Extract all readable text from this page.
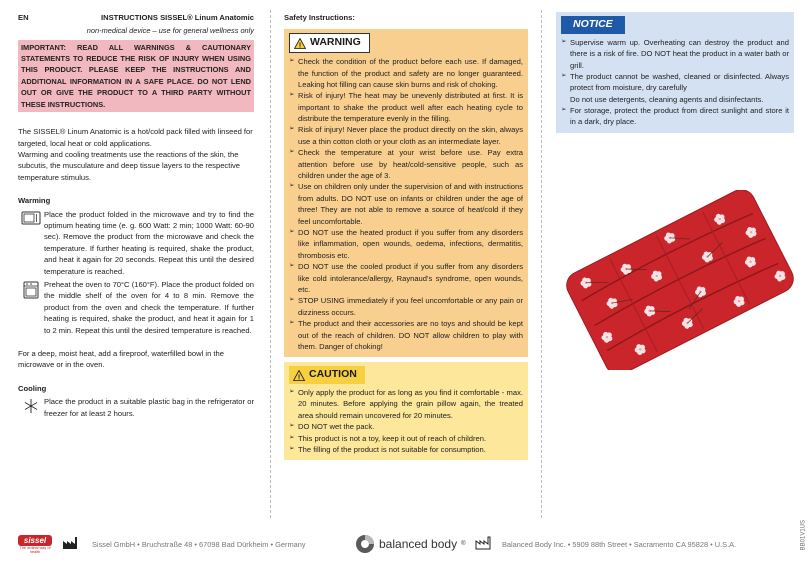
EN	INSTRUCTIONS SISSEL® Linum Anatomic
non-medical device – use for general wellness only
IMPORTANT: READ ALL WARNINGS & CAUTIONARY STATEMENTS TO REDUCE THE RISK OF INJURY WHEN USING THIS PRODUCT. PLEASE KEEP THE INSTRUCTIONS AND ADDITIONAL INFORMATION IN A SAFE PLACE. DO NOT LEND OUT OR GIVE THE PRODUCT TO A THIRD PARTY WITHOUT THESE INSTRUCTIONS.

The SISSEL® Linum Anatomic is a hot/cold pack filled with linseed for targeted, local heat or cold applications.

Warming and cooling treatments use the reactions of the skin, the subcutis, the musculature and deep tissue layers to the respective temperature stimulus.

Warming
Place the product folded in the microwave and try to find the optimum heating time (e. g. 600 Watt: 2 min; 1000 Watt: 60-90 sec). Remove the product from the microwave and check the temperature. If further heating is required, shake the product, and heat it again for 20 seconds. Repeat this until the desired temperature is reached.
Preheat the oven to 70°C (160°F). Place the product folded on the middle shelf of the oven for 4 to 8 min. Remove the product from the oven and check the temperature. If further heating is required, shake the product, and heat it again for 1 to 2 min. Repeat this until the desired temperature is reached.

For a deep, moist heat, add a fireproof, waterfilled bowl in the microwave or in the oven.

Cooling
Place the product in a suitable plastic bag in the refrigerator or freezer for at least 2 hours.
Safety Instructions:
! WARNING
➢ Check the condition of the product before each use. If damaged, the function of the product and safety are no longer guaranteed. Leaking hot filling can cause skin burns and risk of choking.
➢ Risk of injury! The heat may be unevenly distributed at first. It is important to shake the product well after each heating cycle to distribute the temperature evenly in the filling.
➢ Risk of injury! Never place the product directly on the skin, always use a thin cotton cloth or your cloth as an intermediate layer.
➢ Check the temperature at your wrist before use. Pay extra attention before use by heat/cold-sensitive people, such as children under the age of 3.
➢ Use on children only under the supervision of and with instructions from adults. DO NOT use on infants or children under the age of three! They are not able to remove a source of heat/cold if they feel uncomfortable.
➢ DO NOT use the heated product if you suffer from any disorders like inflammation, open wounds, oedema, infections, dermatitis, thrombosis etc.
➢ DO NOT use the cooled product if you suffer from any disorders like cold intolerance/allergy, Raynaud's syndrome, open wounds, etc.
➢ STOP USING immediately if you feel uncomfortable or any pain or dizziness occurs.
➢ The product and their accessories are no toys and should be kept out of the reach of children. DO NOT allow children to play with them. Danger of choking!
! CAUTION
➢ Only apply the product for as long as you find it comfortable - max. 20 minutes. Before applying the grain pillow again, the treated area should remain uncovered for 20 minutes.
➢ DO NOT wet the pack.
➢ This product is not a toy, keep it out of reach of children.
➢ The filling of the product is not suitable for consumption.
NOTICE
➢ Supervise warm up. Overheating can destroy the product and there is a risk of fire. DO NOT heat the product in a water bath or grill.
➢ The product cannot be washed, cleaned or disinfected. Always protect from moisture, dry carefully
Do not use detergents, cleaning agents and disinfectants.
➢ For storage, protect the product from direct sunlight and store it in a dark, dry place.
sissel
The ordinal way of health
Sissel GmbH • Bruchstraße 48 • 67098 Bad Dürkheim • Germany	balanced body ®	Balanced Body Inc. • 5909 88th Street • Sacramento CA 95828 • U.S.A.	BB01V1US
